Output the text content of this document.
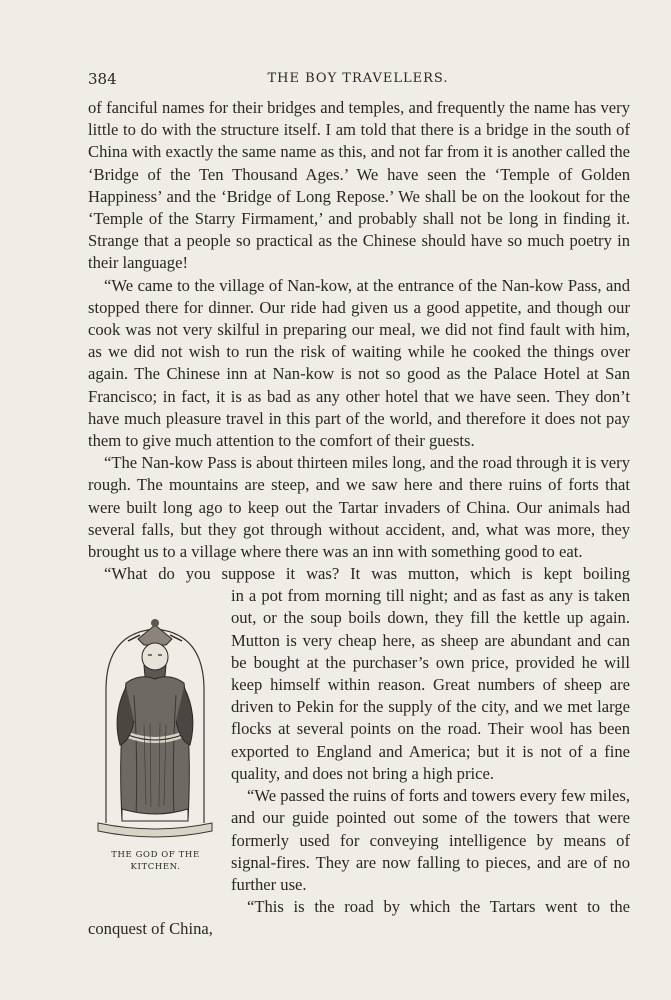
384	THE BOY TRAVELLERS.

of fanciful names for their bridges and temples, and frequently the name has very little to do with the structure itself. I am told that there is a bridge in the south of China with exactly the same name as this, and not far from it is another called the ‘Bridge of the Ten Thousand Ages.’ We have seen the ‘Temple of Golden Happiness’ and the ‘Bridge of Long Repose.’ We shall be on the lookout for the ‘Temple of the Starry Firmament,’ and probably shall not be long in finding it. Strange that a people so practical as the Chinese should have so much poetry in their language!

“We came to the village of Nan-kow, at the entrance of the Nan-kow Pass, and stopped there for dinner. Our ride had given us a good appetite, and though our cook was not very skilful in preparing our meal, we did not find fault with him, as we did not wish to run the risk of waiting while he cooked the things over again. The Chinese inn at Nan-kow is not so good as the Palace Hotel at San Francisco; in fact, it is as bad as any other hotel that we have seen. They don’t have much pleasure travel in this part of the world, and therefore it does not pay them to give much attention to the comfort of their guests.

“The Nan-kow Pass is about thirteen miles long, and the road through it is very rough. The mountains are steep, and we saw here and there ruins of forts that were built long ago to keep out the Tartar invaders of China. Our animals had several falls, but they got through without accident, and, what was more, they brought us to a village where there was an inn with something good to eat.

“What do you suppose it was? It was mutton, which is kept boiling

THE GOD OF THE
KITCHEN.

in a pot from morning till night; and as fast as any is taken out, or the soup boils down, they fill the kettle up again. Mutton is very cheap here, as sheep are abundant and can be bought at the purchaser’s own price, provided he will keep himself within reason. Great numbers of sheep are driven to Pekin for the supply of the city, and we met large flocks at several points on the road. Their wool has been exported to England and America; but it is not of a fine quality, and does not bring a high price.

“We passed the ruins of forts and towers every few miles, and our guide pointed out some of the towers that were formerly used for conveying intelligence by means of signal-fires. They are now falling to pieces, and are of no further use.

“This is the road by which the Tartars went to the conquest of China,
